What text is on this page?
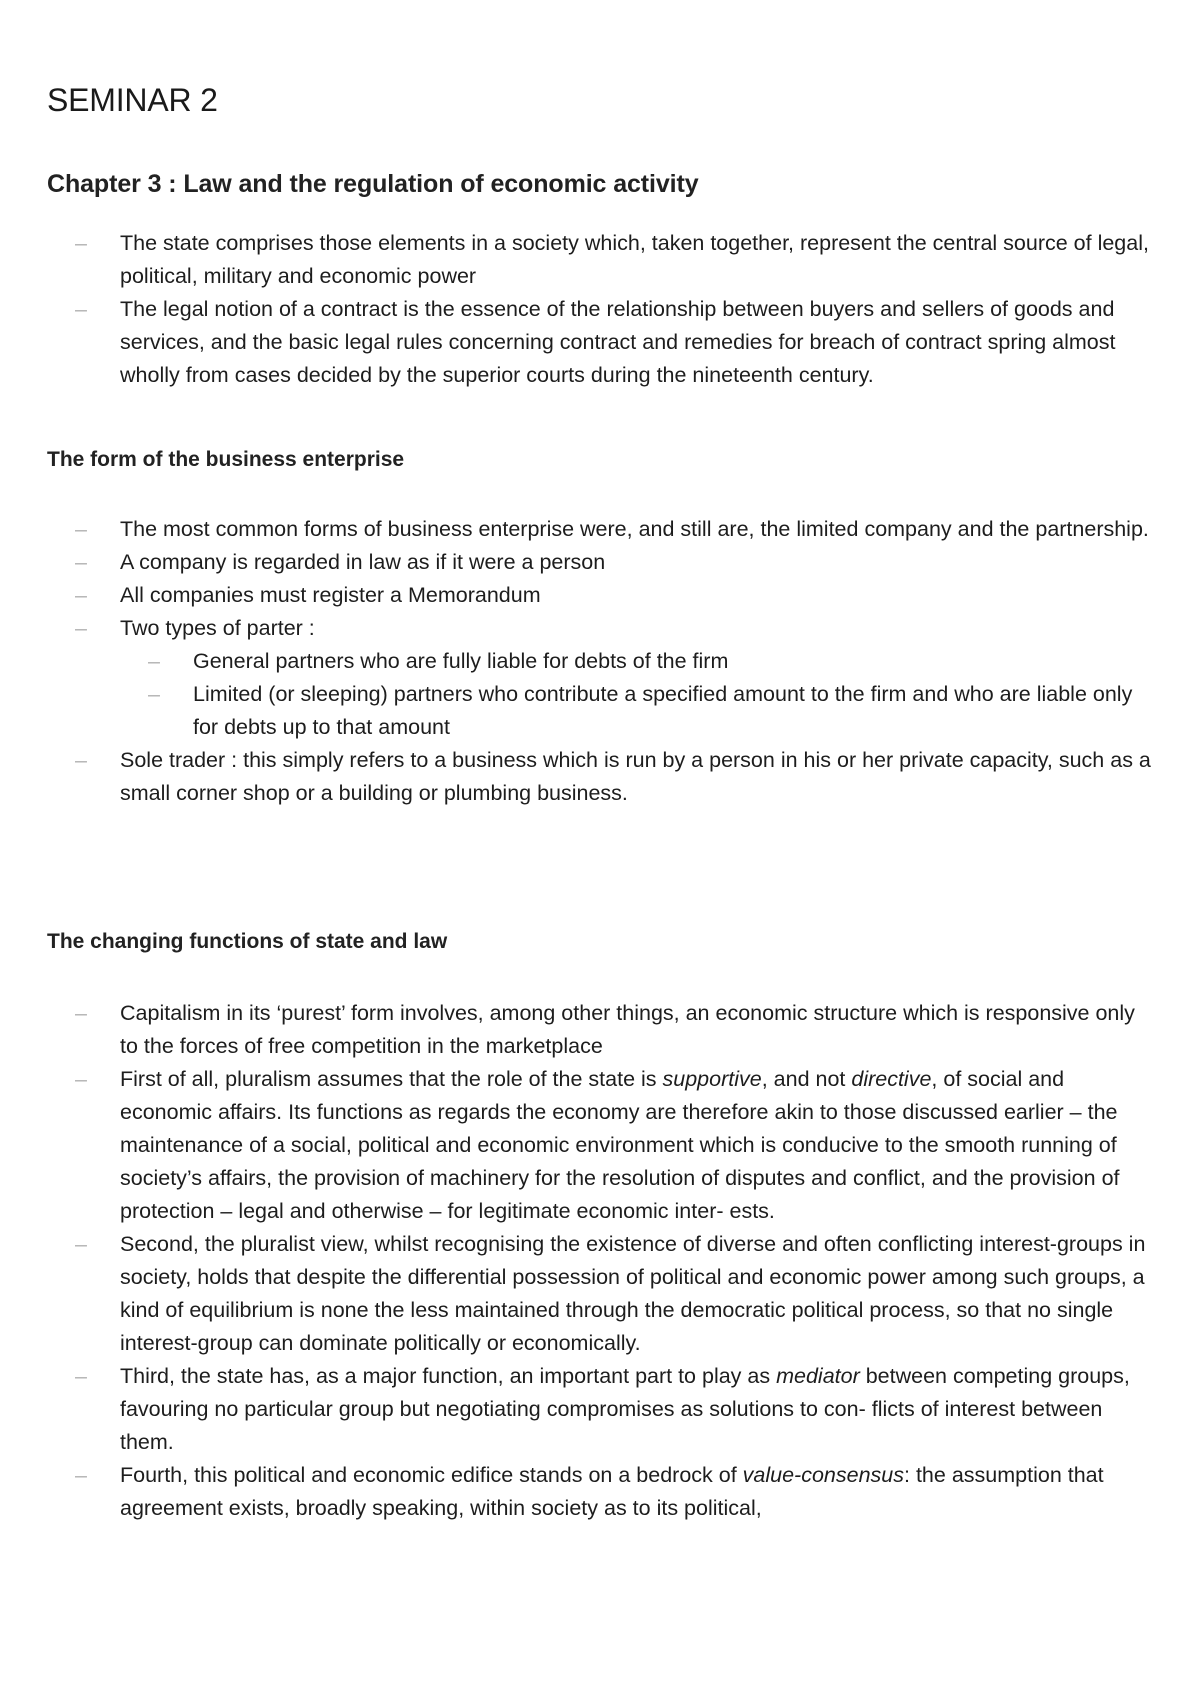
SEMINAR 2
Chapter 3 : Law and the regulation of economic activity
– The state comprises those elements in a society which, taken together, represent the central source of legal, political, military and economic power
– The legal notion of a contract is the essence of the relationship between buyers and sellers of goods and services, and the basic legal rules concerning contract and remedies for breach of contract spring almost wholly from cases decided by the superior courts during the nineteenth century.
The form of the business enterprise
– The most common forms of business enterprise were, and still are, the limited company and the partnership.
– A company is regarded in law as if it were a person
– All companies must register a Memorandum
– Two types of parter :
– General partners who are fully liable for debts of the firm
– Limited (or sleeping) partners who contribute a specified amount to the firm and who are liable only for debts up to that amount
– Sole trader : this simply refers to a business which is run by a person in his or her private capacity, such as a small corner shop or a building or plumbing business.
The changing functions of state and law
– Capitalism in its ‘purest’ form involves, among other things, an economic structure which is responsive only to the forces of free competition in the marketplace
– First of all, pluralism assumes that the role of the state is supportive, and not directive, of social and economic affairs. Its functions as regards the economy are therefore akin to those discussed earlier – the maintenance of a social, political and economic environment which is conducive to the smooth running of society’s affairs, the provision of machinery for the resolution of disputes and conflict, and the provision of protection – legal and otherwise – for legitimate economic inter- ests.
– Second, the pluralist view, whilst recognising the existence of diverse and often conflicting interest-groups in society, holds that despite the differential possession of political and economic power among such groups, a kind of equilibrium is none the less maintained through the democratic political process, so that no single interest-group can dominate politically or economically.
– Third, the state has, as a major function, an important part to play as mediator between competing groups, favouring no particular group but negotiating compromises as solutions to con- flicts of interest between them.
– Fourth, this political and economic edifice stands on a bedrock of value-consensus: the assumption that agreement exists, broadly speaking, within society as to its political,
